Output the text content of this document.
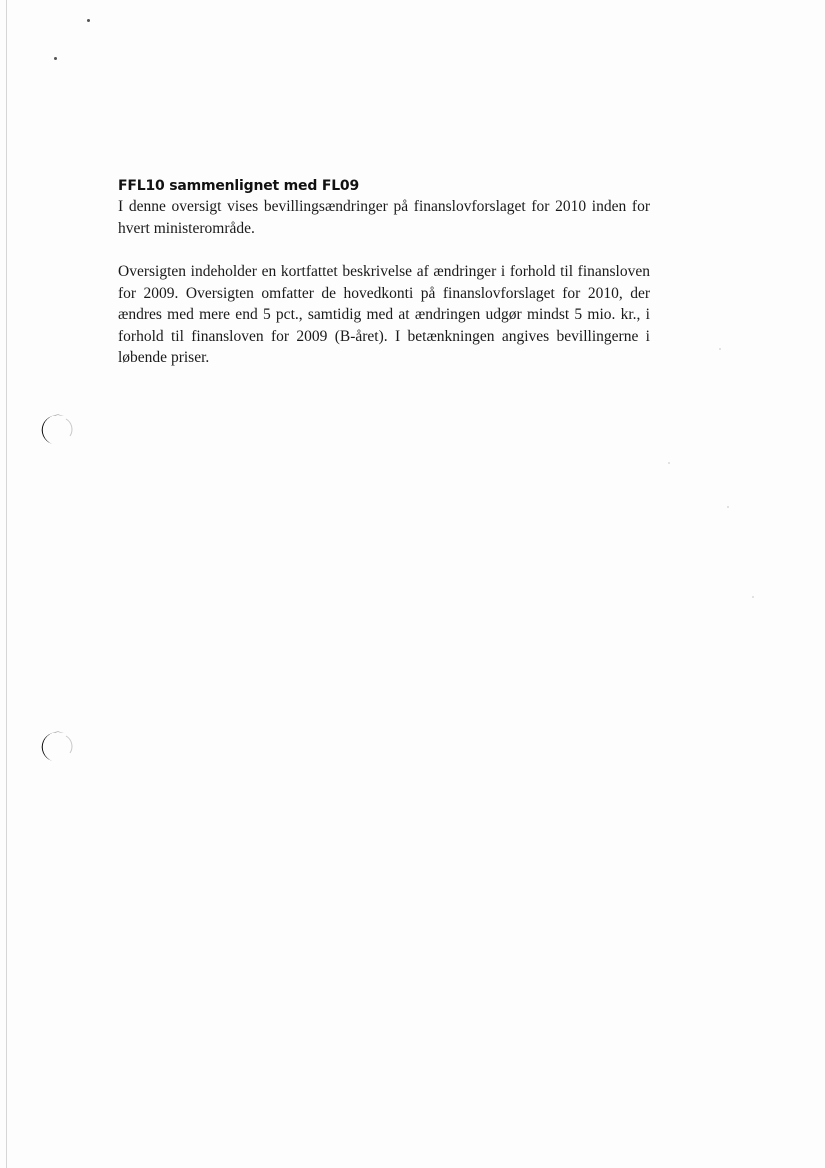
FFL10 sammenlignet med FL09

I denne oversigt vises bevillingsændringer på finanslovforslaget for 2010 inden for hvert ministerområde.

Oversigten indeholder en kortfattet beskrivelse af ændringer i forhold til finansloven for 2009. Oversigten omfatter de hovedkonti på finanslovforslaget for 2010, der ændres med mere end 5 pct., samtidig med at ændringen udgør mindst 5 mio. kr., i forhold til finansloven for 2009 (B-året). I betænkningen angives bevillingerne i løbende priser.
